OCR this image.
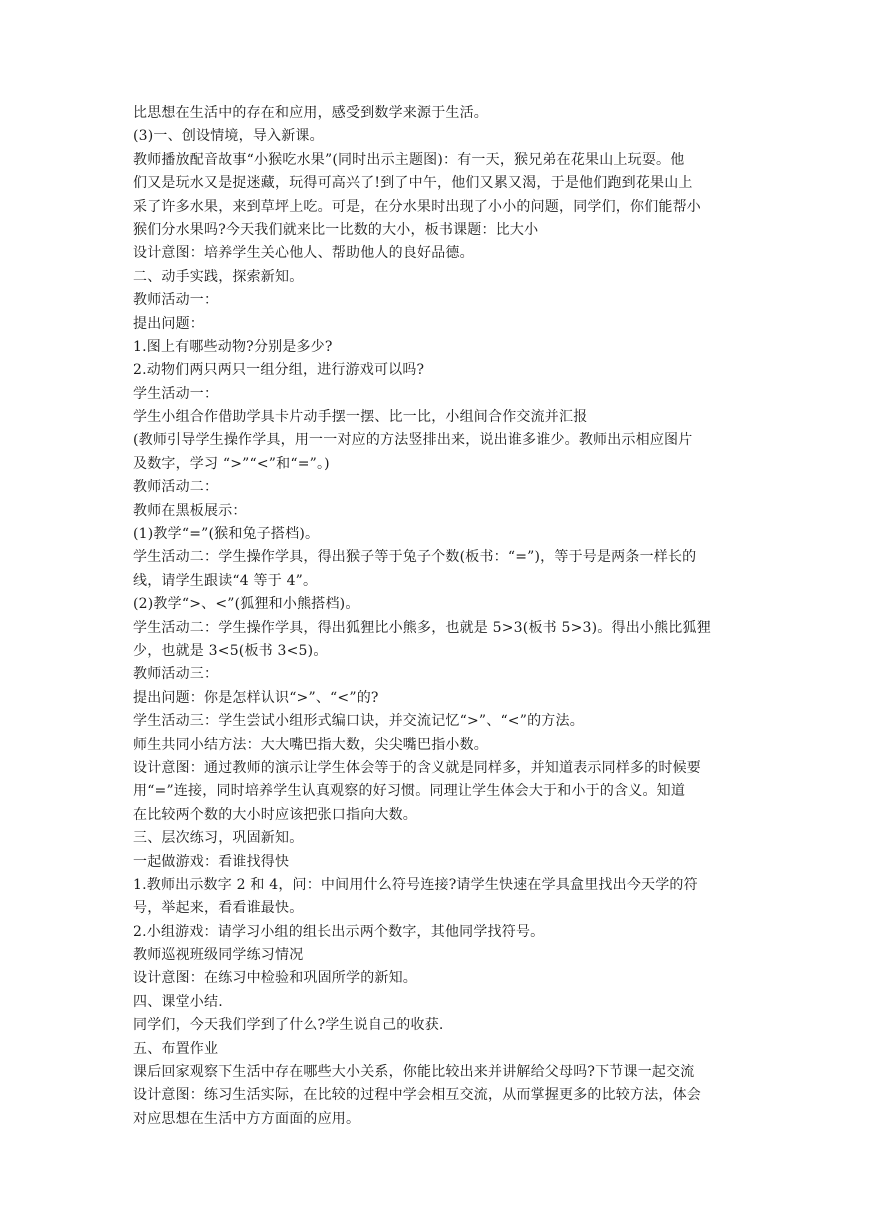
比思想在生活中的存在和应用，感受到数学来源于生活。
(3)一、创设情境，导入新课。
教师播放配音故事“小猴吃水果”(同时出示主题图)：有一天，猴兄弟在花果山上玩耍。他
们又是玩水又是捉迷藏，玩得可高兴了!到了中午，他们又累又渴，于是他们跑到花果山上
采了许多水果，来到草坪上吃。可是，在分水果时出现了小小的问题，同学们，你们能帮小
猴们分水果吗?今天我们就来比一比数的大小，板书课题：比大小
设计意图：培养学生关心他人、帮助他人的良好品德。
二、动手实践，探索新知。
教师活动一：
提出问题：
1.图上有哪些动物?分别是多少?
2.动物们两只两只一组分组，进行游戏可以吗?
学生活动一：
学生小组合作借助学具卡片动手摆一摆、比一比，小组间合作交流并汇报
(教师引导学生操作学具，用一一对应的方法竖排出来，说出谁多谁少。教师出示相应图片
及数字，学习 “>”“<”和“=”。)
教师活动二：
教师在黑板展示：
(1)教学“=”(猴和兔子搭档)。
学生活动二：学生操作学具，得出猴子等于兔子个数(板书：“=”)，等于号是两条一样长的
线，请学生跟读“4 等于 4”。
(2)教学“>、<”(狐狸和小熊搭档)。
学生活动二：学生操作学具，得出狐狸比小熊多，也就是 5>3(板书 5>3)。得出小熊比狐狸
少，也就是 3<5(板书 3<5)。
教师活动三：
提出问题：你是怎样认识“>”、“<”的?
学生活动三：学生尝试小组形式编口诀，并交流记忆“>”、“<”的方法。
师生共同小结方法：大大嘴巴指大数，尖尖嘴巴指小数。
设计意图：通过教师的演示让学生体会等于的含义就是同样多，并知道表示同样多的时候要
用“=”连接，同时培养学生认真观察的好习惯。同理让学生体会大于和小于的含义。知道
在比较两个数的大小时应该把张口指向大数。
三、层次练习，巩固新知。
一起做游戏：看谁找得快
1.教师出示数字 2 和 4，问：中间用什么符号连接?请学生快速在学具盒里找出今天学的符
号，举起来，看看谁最快。
2.小组游戏：请学习小组的组长出示两个数字，其他同学找符号。
教师巡视班级同学练习情况
设计意图：在练习中检验和巩固所学的新知。
四、课堂小结.
同学们，今天我们学到了什么?学生说自己的收获.
五、布置作业
课后回家观察下生活中存在哪些大小关系，你能比较出来并讲解给父母吗?下节课一起交流
设计意图：练习生活实际，在比较的过程中学会相互交流，从而掌握更多的比较方法，体会
对应思想在生活中方方面面的应用。
